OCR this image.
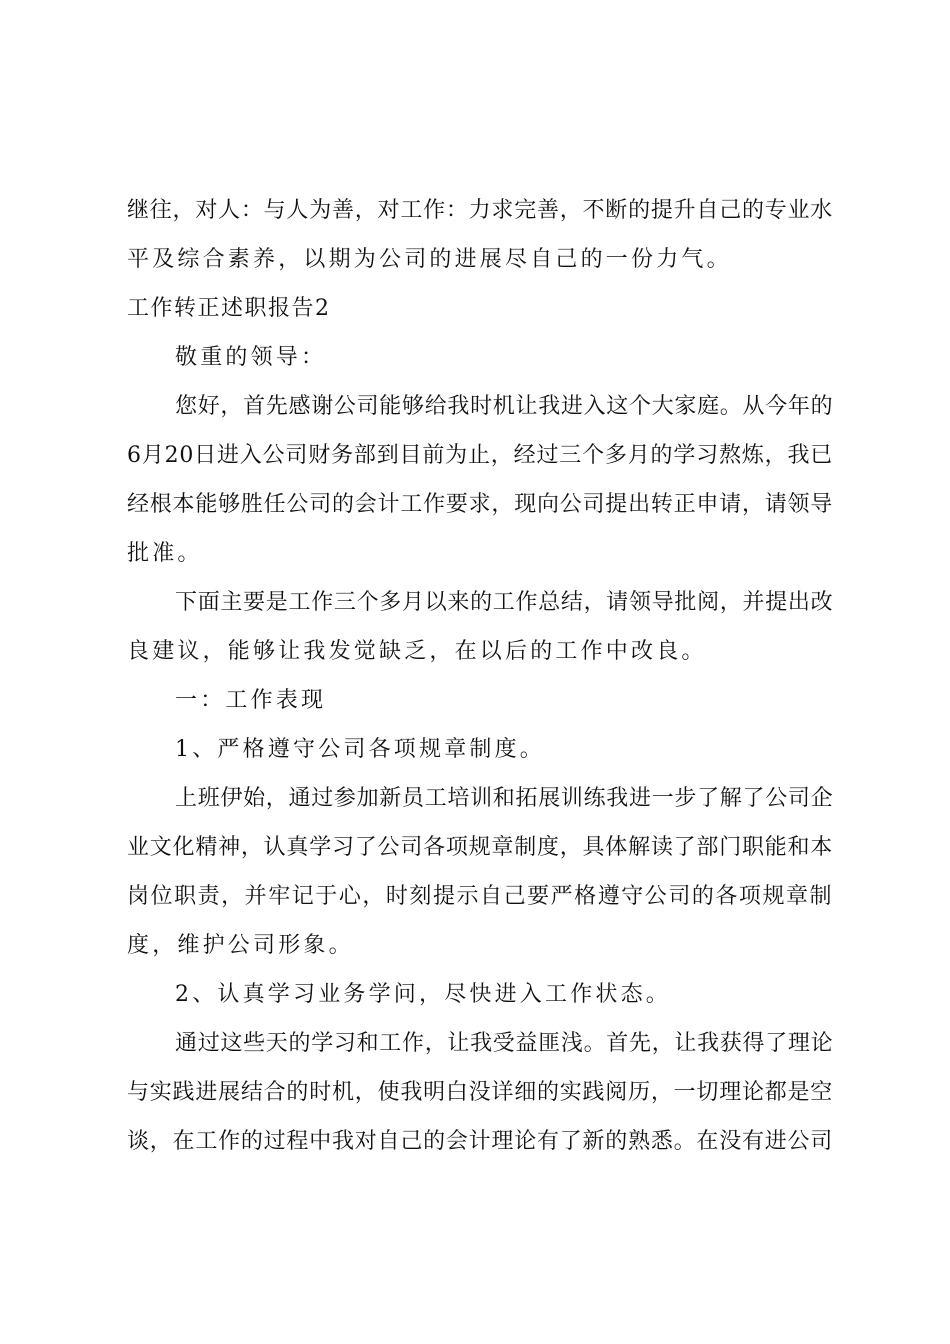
继往，对人：与人为善，对工作：力求完善，不断的提升自己的专业水
平及综合素养，以期为公司的进展尽自己的一份力气。
工作转正述职报告2
敬重的领导：
您好，首先感谢公司能够给我时机让我进入这个大家庭。从今年的
6月20日进入公司财务部到目前为止，经过三个多月的学习熬炼，我已
经根本能够胜任公司的会计工作要求，现向公司提出转正申请，请领导
批准。
下面主要是工作三个多月以来的工作总结，请领导批阅，并提出改
良建议，能够让我发觉缺乏，在以后的工作中改良。
一：工作表现
1、严格遵守公司各项规章制度。
上班伊始，通过参加新员工培训和拓展训练我进一步了解了公司企
业文化精神，认真学习了公司各项规章制度，具体解读了部门职能和本
岗位职责，并牢记于心，时刻提示自己要严格遵守公司的各项规章制
度，维护公司形象。
2、认真学习业务学问，尽快进入工作状态。
通过这些天的学习和工作，让我受益匪浅。首先，让我获得了理论
与实践进展结合的时机，使我明白没详细的实践阅历，一切理论都是空
谈，在工作的过程中我对自己的会计理论有了新的熟悉。在没有进公司
